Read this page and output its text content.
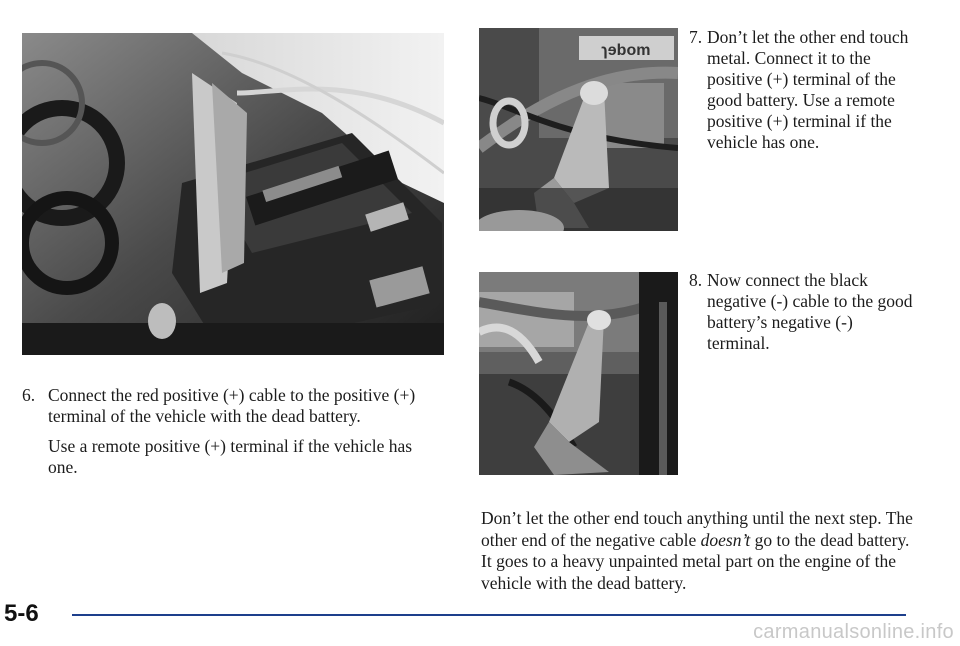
ɿɘbom
7. Don’t let the other end touch metal. Connect it to the positive (+) terminal of the good battery. Use a remote positive (+) terminal if the vehicle has one.
8. Now connect the black negative (-) cable to the good battery’s negative (-) terminal.
6. Connect the red positive (+) cable to the positive (+) terminal of the vehicle with the dead battery.

Use a remote positive (+) terminal if the vehicle has one.

Don’t let the other end touch anything until the next step. The other end of the negative cable doesn’t go to the dead battery. It goes to a heavy unpainted metal part on the engine of the vehicle with the dead battery.

5-6
carmanualsonline.info
